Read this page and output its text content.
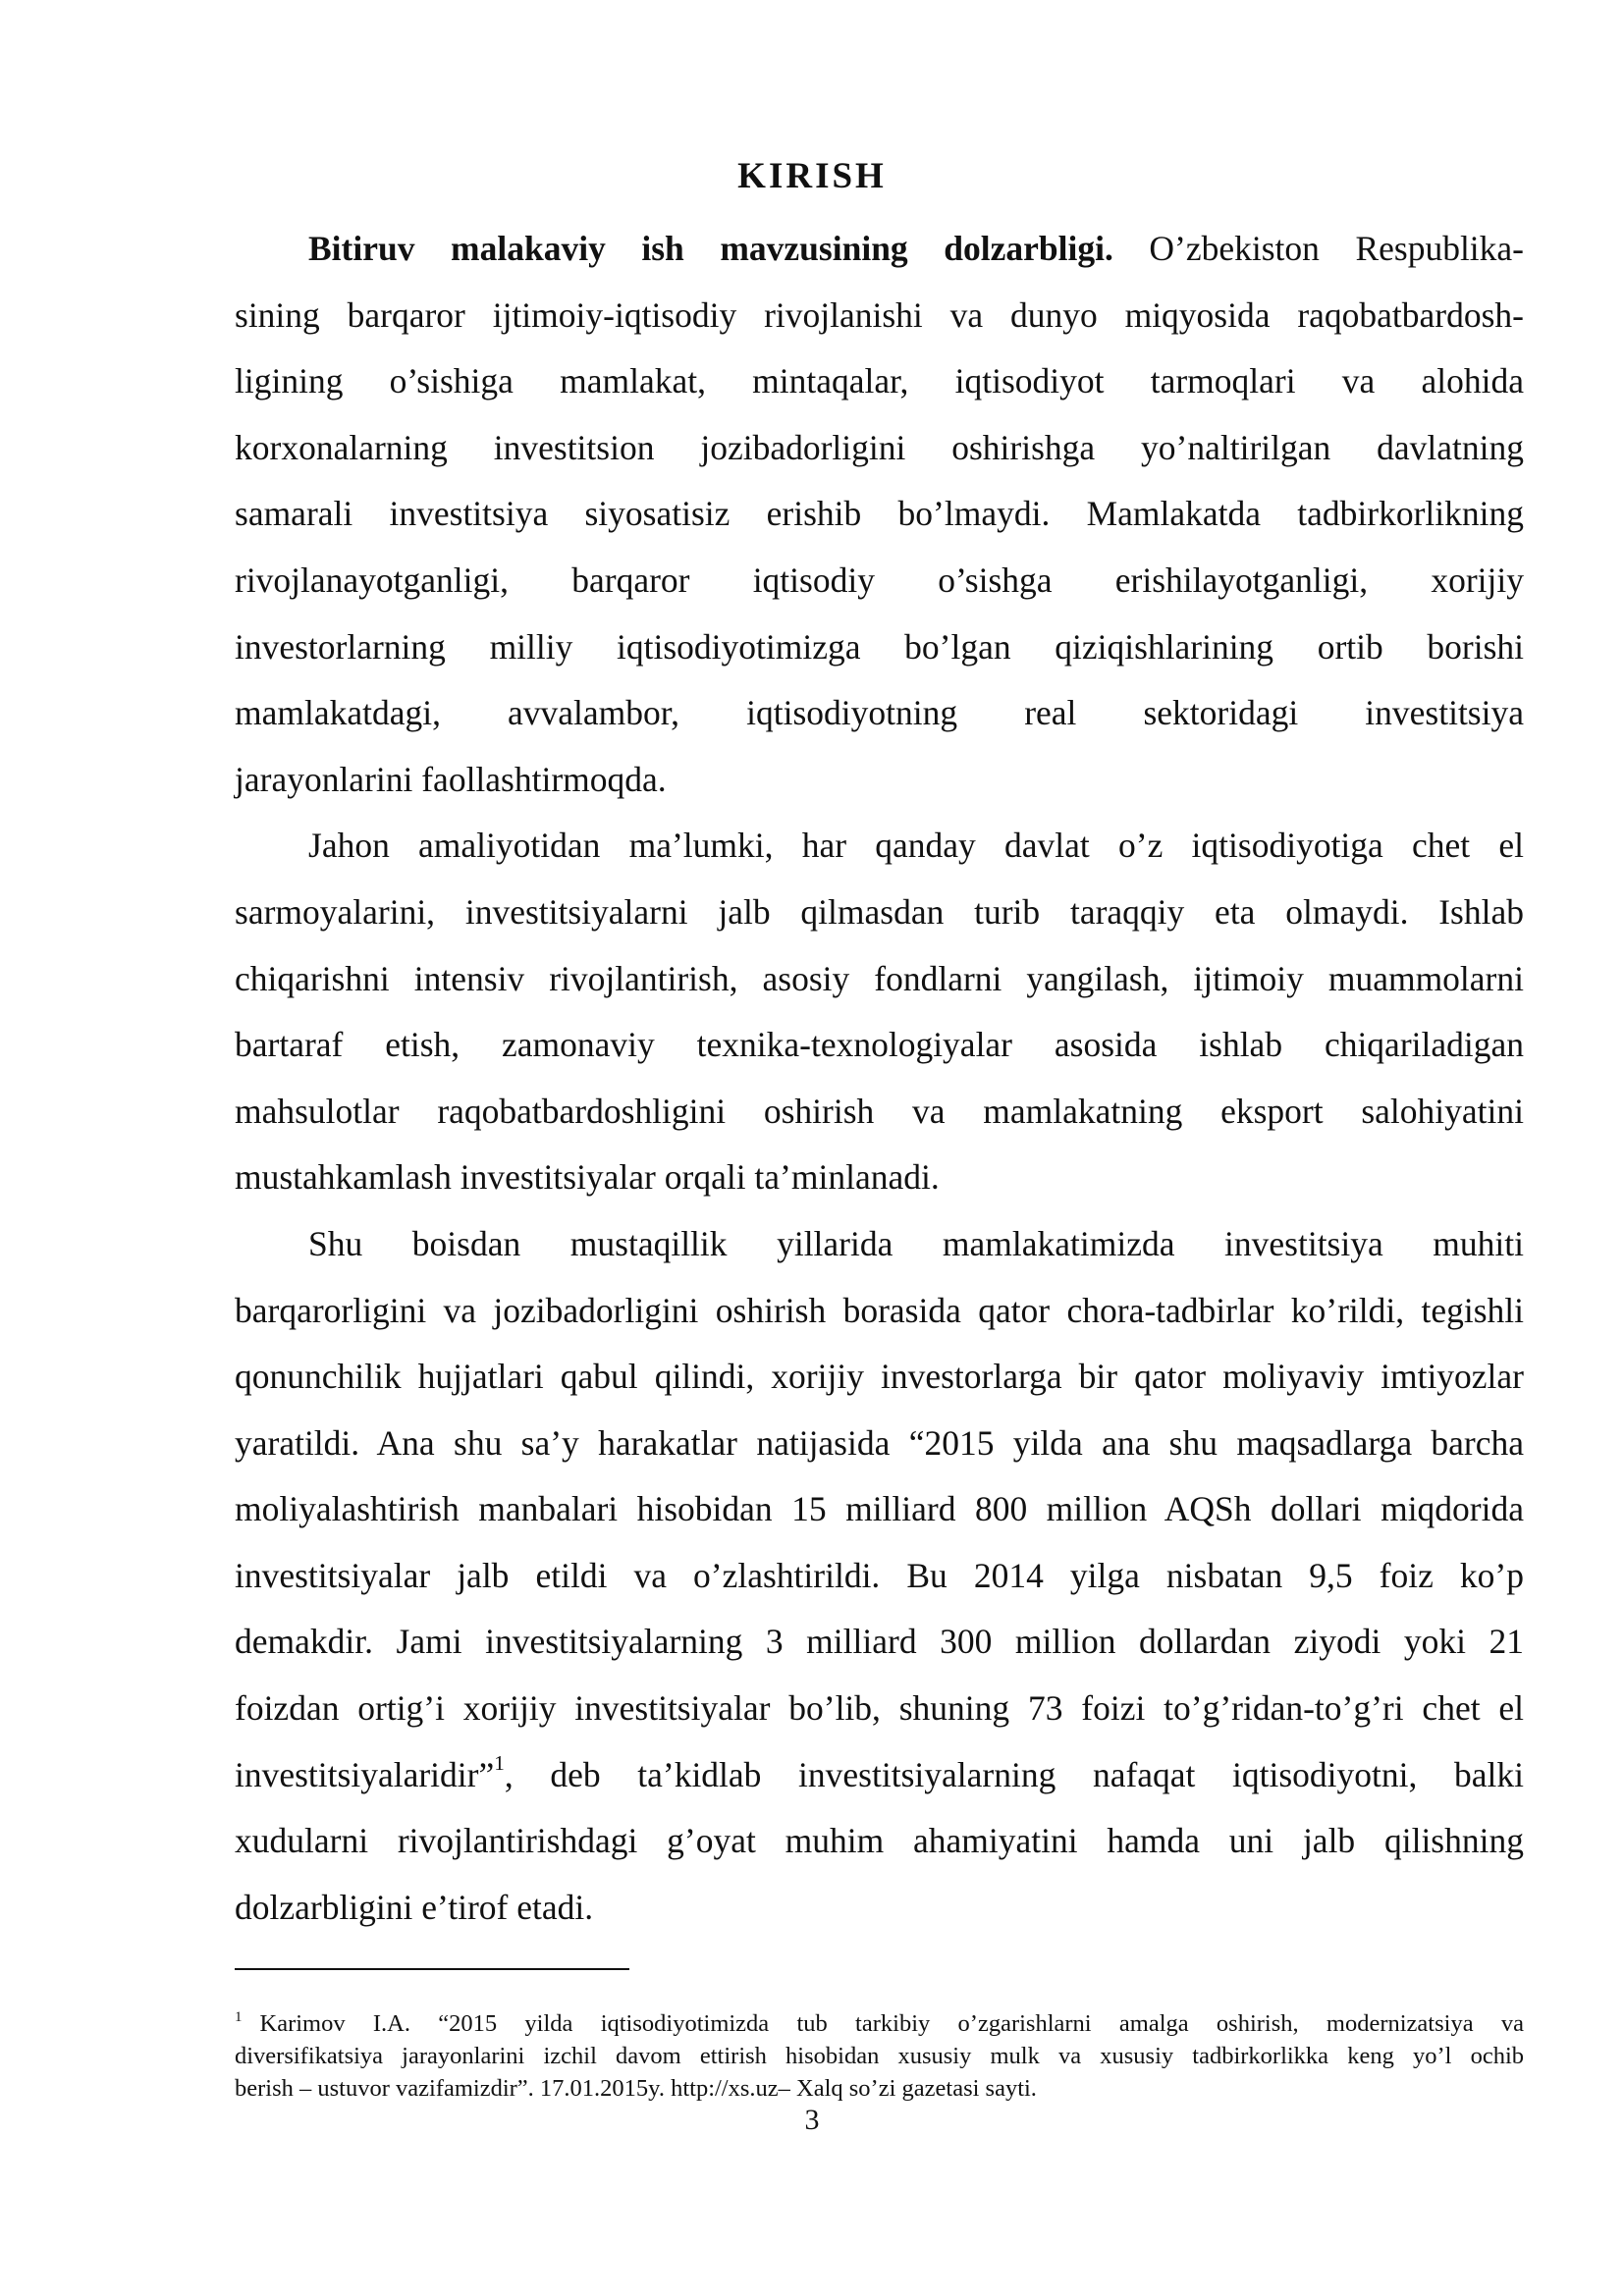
KIRISH
Bitiruv malakaviy ish mavzusining dolzarbligi. O’zbekiston Respublika-
sining barqaror ijtimoiy-iqtisodiy rivojlanishi va dunyo miqyosida raqobatbardosh-
ligining o’sishiga mamlakat, mintaqalar, iqtisodiyot tarmoqlari va alohida
korxonalarning investitsion jozibadorligini oshirishga yo’naltirilgan davlatning
samarali investitsiya siyosatisiz erishib bo’lmaydi. Mamlakatda tadbirkorlikning
rivojlanayotganligi, barqaror iqtisodiy o’sishga erishilayotganligi, xorijiy
investorlarning milliy iqtisodiyotimizga bo’lgan qiziqishlarining ortib borishi
mamlakatdagi, avvalambor, iqtisodiyotning real sektoridagi investitsiya
jarayonlarini faollashtirmoqda.
Jahon amaliyotidan ma’lumki, har qanday davlat o’z iqtisodiyotiga chet el
sarmoyalarini, investitsiyalarni jalb qilmasdan turib taraqqiy eta olmaydi. Ishlab
chiqarishni intensiv rivojlantirish, asosiy fondlarni yangilash, ijtimoiy muammolarni
bartaraf etish, zamonaviy texnika-texnologiyalar asosida ishlab chiqariladigan
mahsulotlar raqobatbardoshligini oshirish va mamlakatning eksport salohiyatini
mustahkamlash investitsiyalar orqali ta’minlanadi.
Shu boisdan mustaqillik yillarida mamlakatimizda investitsiya muhiti
barqarorligini va jozibadorligini oshirish borasida qator chora-tadbirlar ko’rildi, tegishli
qonunchilik hujjatlari qabul qilindi, xorijiy investorlarga bir qator moliyaviy imtiyozlar
yaratildi. Ana shu sa’y harakatlar natijasida “2015 yilda ana shu maqsadlarga barcha
moliyalashtirish manbalari hisobidan 15 milliard 800 million AQSh dollari miqdorida
investitsiyalar jalb etildi va o’zlashtirildi. Bu 2014 yilga nisbatan 9,5 foiz ko’p
demakdir. Jami investitsiyalarning 3 milliard 300 million dollardan ziyodi yoki 21
foizdan ortig’i xorijiy investitsiyalar bo’lib, shuning 73 foizi to’g’ridan-to’g’ri chet el
investitsiyalaridir”$^1$, deb ta’kidlab investitsiyalarning nafaqat iqtisodiyotni, balki
xudularni rivojlantirishdagi g’oyat muhim ahamiyatini hamda uni jalb qilishning
dolzarbligini e’tirof etadi.
$^1$ Karimov I.A. “2015 yilda iqtisodiyotimizda tub tarkibiy o’zgarishlarni amalga oshirish, modernizatsiya va
diversifikatsiya jarayonlarini izchil davom ettirish hisobidan xususiy mulk va xususiy tadbirkorlikka keng yo’l ochib
berish – ustuvor vazifamizdir”. 17.01.2015y. http://xs.uz– Xalq so’zi gazetasi sayti.
3
